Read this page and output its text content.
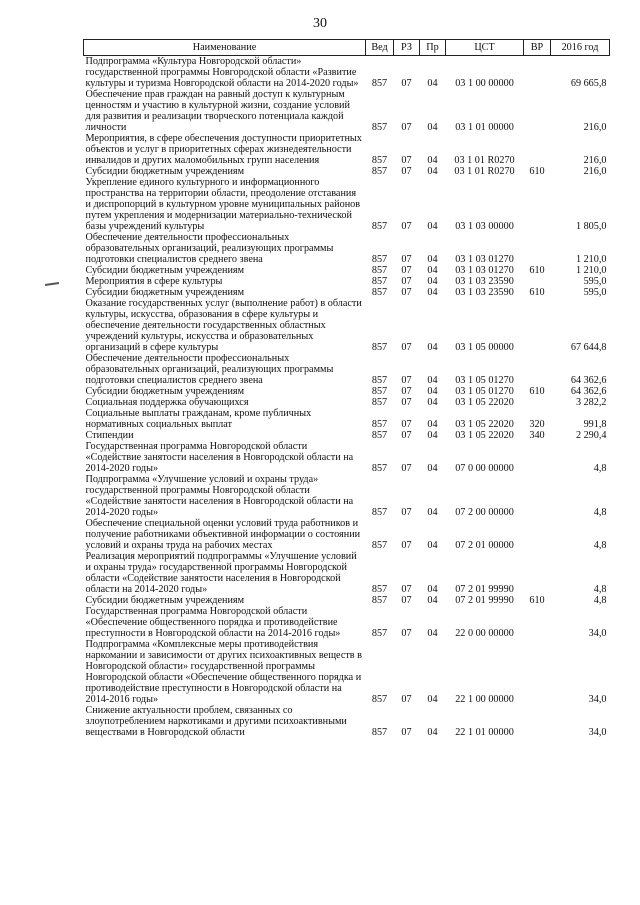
30
Наименование	Вед	РЗ	Пр	ЦСТ	ВР	2016 год
Подпрограмма «Культура Новгородской области» государственной программы Новгородской области «Развитие культуры и туризма Новгородской области на 2014-2020 годы»	857	07	04	03 1 00 00000		69 665,8
Обеспечение прав граждан на равный доступ к культурным ценностям и участию в культурной жизни, создание условий для развития и реализации творческого потенциала каждой личности	857	07	04	03 1 01 00000		216,0
Мероприятия, в сфере обеспечения доступности приоритетных объектов и услуг в приоритетных сферах жизнедеятельности инвалидов и других маломобильных групп населения	857	07	04	03 1 01 R0270		216,0
Субсидии бюджетным учреждениям	857	07	04	03 1 01 R0270	610	216,0
Укрепление единого культурного и информационного пространства на территории области, преодоление отставания и диспропорций в культурном уровне муниципальных районов путем укрепления и модернизации материально-технической базы учреждений культуры	857	07	04	03 1 03 00000		1 805,0
Обеспечение деятельности профессиональных образовательных организаций, реализующих программы подготовки специалистов среднего звена	857	07	04	03 1 03 01270		1 210,0
Субсидии бюджетным учреждениям	857	07	04	03 1 03 01270	610	1 210,0
Мероприятия в сфере культуры	857	07	04	03 1 03 23590		595,0
Субсидии бюджетным учреждениям	857	07	04	03 1 03 23590	610	595,0
Оказание государственных услуг (выполнение работ) в области культуры, искусства, образования в сфере культуры и обеспечение деятельности государственных областных учреждений культуры, искусства и образовательных организаций в сфере культуры	857	07	04	03 1 05 00000		67 644,8
Обеспечение деятельности профессиональных образовательных организаций, реализующих программы подготовки специалистов среднего звена	857	07	04	03 1 05 01270		64 362,6
Субсидии бюджетным учреждениям	857	07	04	03 1 05 01270	610	64 362,6
Социальная поддержка обучающихся	857	07	04	03 1 05 22020		3 282,2
Социальные выплаты гражданам, кроме публичных нормативных социальных выплат	857	07	04	03 1 05 22020	320	991,8
Стипендии	857	07	04	03 1 05 22020	340	2 290,4
Государственная программа Новгородской области «Содействие занятости населения в Новгородской области на 2014-2020 годы»	857	07	04	07 0 00 00000		4,8
Подпрограмма «Улучшение условий и охраны труда» государственной программы Новгородской области «Содействие занятости населения в Новгородской области на 2014-2020 годы»	857	07	04	07 2 00 00000		4,8
Обеспечение специальной оценки условий труда работников и получение работниками объективной информации о состоянии условий и охраны труда на рабочих местах	857	07	04	07 2 01 00000		4,8
Реализация мероприятий подпрограммы «Улучшение условий и охраны труда» государственной программы Новгородской области «Содействие занятости населения в Новгородской области на 2014-2020 годы»	857	07	04	07 2 01 99990		4,8
Субсидии бюджетным учреждениям	857	07	04	07 2 01 99990	610	4,8
Государственная программа Новгородской области «Обеспечение общественного порядка и противодействие преступности в Новгородской области на 2014-2016 годы»	857	07	04	22 0 00 00000		34,0
Подпрограмма «Комплексные меры противодействия наркомании и зависимости от других психоактивных веществ в Новгородской области» государственной программы Новгородской области «Обеспечение общественного порядка и противодействие преступности в Новгородской области на 2014-2016 годы»	857	07	04	22 1 00 00000		34,0
Снижение актуальности проблем, связанных со злоупотреблением наркотиками и другими психоактивными веществами в Новгородской области	857	07	04	22 1 01 00000		34,0
